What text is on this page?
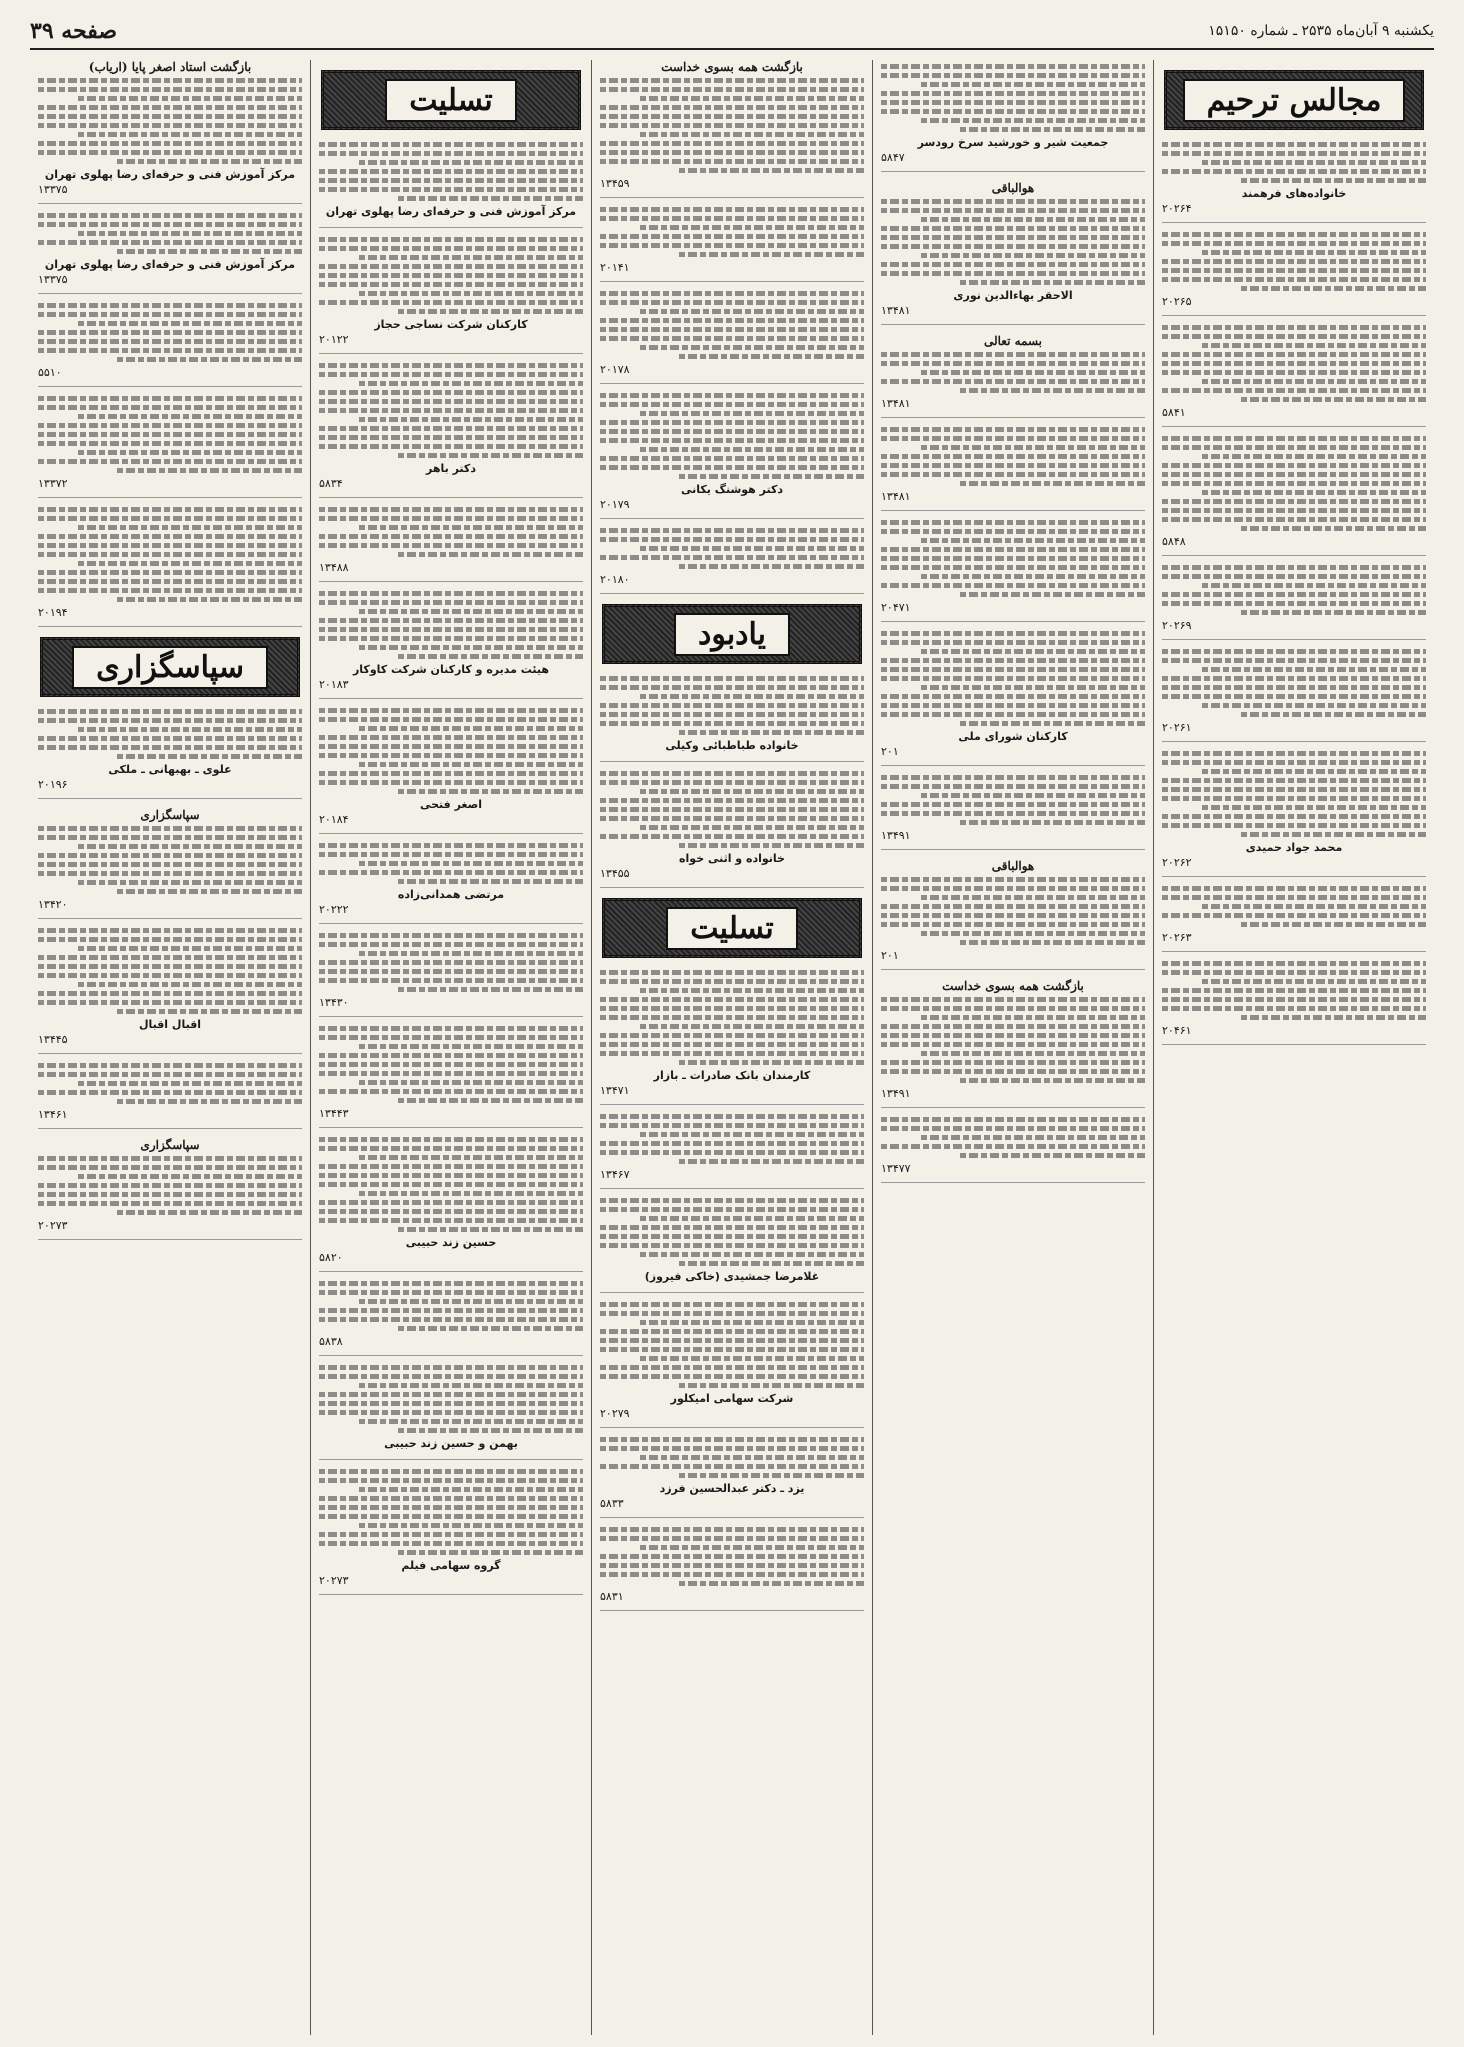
یکشنبه ۹ آبان‌ماه ۲۵۳۵ ـ شماره ۱۵۱۵۰
صفحه ۳۹
مجالس ترحیم
خانواده‌های فرهمند
۲۰۲۶۴
۲۰۲۶۵
۵۸۴۱
۵۸۴۸
۲۰۲۶۹
۲۰۲۶۱
محمد جواد حمیدی
۲۰۲۶۲
۲۰۲۶۳
۲۰۴۶۱
جمعیت شیر و خورشید سرخ رودسر
۵۸۴۷
هوالباقی
الاحقر بهاءالدین نوری
۱۳۴۸۱
بسمه تعالی
۱۳۴۸۱
۱۳۴۸۱
۲۰۴۷۱
کارکنان شورای ملی
۲۰۱
۱۳۴۹۱
هوالباقی
۲۰۱
بازگشت همه بسوی خداست
۱۳۴۹۱
۱۳۴۷۷
بازگشت همه بسوی خداست
۱۳۴۵۹
۲۰۱۴۱
۲۰۱۷۸
دکتر هوشنگ یکانی
۲۰۱۷۹
۲۰۱۸۰
یادبود
خانواده طباطبائی وکیلی
خانواده و اثنی خواه
۱۳۴۵۵
تسلیت
کارمندان بانک صادرات ـ بازار
۱۳۴۷۱
۱۳۴۶۷
غلامرضا جمشیدی (خاکی فیروز)
شرکت سهامی امیکلور
۲۰۲۷۹
یزد ـ دکتر عبدالحسین فرزد
۵۸۳۳
۵۸۳۱
تسلیت
مرکز آموزش فنی و حرفه‌ای رضا پهلوی تهران
کارکنان شرکت نساجی حجاز
۲۰۱۲۲
دکتر باهر
۵۸۳۴
۱۳۴۸۸
هیئت مدیره و کارکنان شرکت کاوکار
۲۰۱۸۳
اصغر فتحی
۲۰۱۸۴
مرتضی همدانی‌زاده
۲۰۲۲۲
۱۳۴۳۰
۱۳۴۴۳
حسین زند حبیبی
۵۸۲۰
۵۸۳۸
بهمن و حسین زند حبیبی
گروه سهامی فیلم
۲۰۲۷۳
بازگشت استاد اصغر پایا (اریاب)
مرکز آموزش فنی و حرفه‌ای رضا پهلوی تهران
۱۳۳۷۵
مرکز آموزش فنی و حرفه‌ای رضا پهلوی تهران
۱۳۳۷۵
۵۵۱۰
۱۳۳۷۲
۲۰۱۹۴
سپاسگزاری
علوی ـ بهبهانی ـ ملکی
۲۰۱۹۶
سپاسگزاری
۱۳۴۲۰
اقبال اقبال
۱۳۴۴۵
۱۳۴۶۱
سپاسگزاری
۲۰۲۷۳
